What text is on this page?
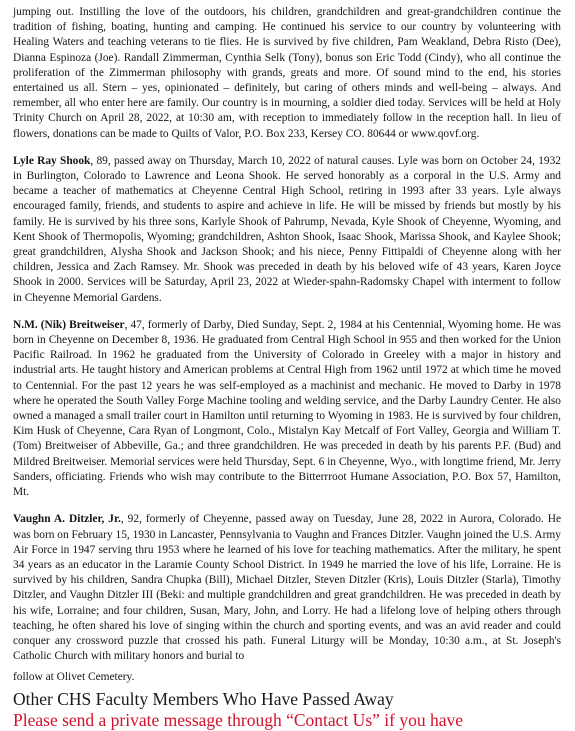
jumping out. Instilling the love of the outdoors, his children, grandchildren and great-grandchildren continue the tradition of fishing, boating, hunting and camping. He continued his service to our country by volunteering with Healing Waters and teaching veterans to tie flies. He is survived by five children, Pam Weakland, Debra Risto (Dee), Dianna Espinoza (Joe). Randall Zimmerman, Cynthia Selk (Tony), bonus son Eric Todd (Cindy), who all continue the proliferation of the Zimmerman philosophy with grands, greats and more. Of sound mind to the end, his stories entertained us all. Stern – yes, opinionated – definitely, but caring of others minds and well-being – always. And remember, all who enter here are family. Our country is in mourning, a soldier died today. Services will be held at Holy Trinity Church on April 28, 2022, at 10:30 am, with reception to immediately follow in the reception hall. In lieu of flowers, donations can be made to Quilts of Valor, P.O. Box 233, Kersey CO. 80644 or www.qovf.org.

Lyle Ray Shook, 89, passed away on Thursday, March 10, 2022 of natural causes. Lyle was born on October 24, 1932 in Burlington, Colorado to Lawrence and Leona Shook. He served honorably as a corporal in the U.S. Army and became a teacher of mathematics at Cheyenne Central High School, retiring in 1993 after 33 years. Lyle always encouraged family, friends, and students to aspire and achieve in life. He will be missed by friends but mostly by his family. He is survived by his three sons, Karlyle Shook of Pahrump, Nevada, Kyle Shook of Cheyenne, Wyoming, and Kent Shook of Thermopolis, Wyoming; grandchildren, Ashton Shook, Isaac Shook, Marissa Shook, and Kaylee Shook; great grandchildren, Alysha Shook and Jackson Shook; and his niece, Penny Fittipaldi of Cheyenne along with her children, Jessica and Zach Ramsey. Mr. Shook was preceded in death by his beloved wife of 43 years, Karen Joyce Shook in 2000. Services will be Saturday, April 23, 2022 at Wieder-spahn-Radomsky Chapel with interment to follow in Cheyenne Memorial Gardens.

N.M. (Nik) Breitweiser, 47, formerly of Darby, Died Sunday, Sept. 2, 1984 at his Centennial, Wyoming home. He was born in Cheyenne on December 8, 1936. He graduated from Central High School in 955 and then worked for the Union Pacific Railroad. In 1962 he graduated from the University of Colorado in Greeley with a major in history and industrial arts. He taught history and American problems at Central High from 1962 until 1972 at which time he moved to Centennial. For the past 12 years he was self-employed as a machinist and mechanic. He moved to Darby in 1978 where he operated the South Valley Forge Machine tooling and welding service, and the Darby Laundry Center. He also owned a managed a small trailer court in Hamilton until returning to Wyoming in 1983. He is survived by four children, Kim Husk of Cheyenne, Cara Ryan of Longmont, Colo., Mistalyn Kay Metcalf of Fort Valley, Georgia and William T. (Tom) Breitweiser of Abbeville, Ga.; and three grandchildren. He was preceded in death by his parents P.F. (Bud) and Mildred Breitweiser. Memorial services were held Thursday, Sept. 6 in Cheyenne, Wyo., with longtime friend, Mr. Jerry Sanders, officiating. Friends who wish may contribute to the Bitterrroot Humane Association, P.O. Box 57, Hamilton, Mt.

Vaughn A. Ditzler, Jr., 92, formerly of Cheyenne, passed away on Tuesday, June 28, 2022 in Aurora, Colorado. He was born on February 15, 1930 in Lancaster, Pennsylvania to Vaughn and Frances Ditzler. Vaughn joined the U.S. Army Air Force in 1947 serving thru 1953 where he learned of his love for teaching mathematics. After the military, he spent 34 years as an educator in the Laramie County School District. In 1949 he married the love of his life, Lorraine. He is survived by his children, Sandra Chupka (Bill), Michael Ditzler, Steven Ditzler (Kris), Louis Ditzler (Starla), Timothy Ditzler, and Vaughn Ditzler III (Beki: and multiple grandchildren and great grandchildren. He was preceded in death by his wife, Lorraine; and four children, Susan, Mary, John, and Lorry. He had a lifelong love of helping others through teaching, he often shared his love of singing within the church and sporting events, and was an avid reader and could conquer any crossword puzzle that crossed his path. Funeral Liturgy will be Monday, 10:30 a.m., at St. Joseph's Catholic Church with military honors and burial to

follow at Olivet Cemetery.

Other CHS Faculty Members Who Have Passed Away
Please send a private message through “Contact Us” if you have
